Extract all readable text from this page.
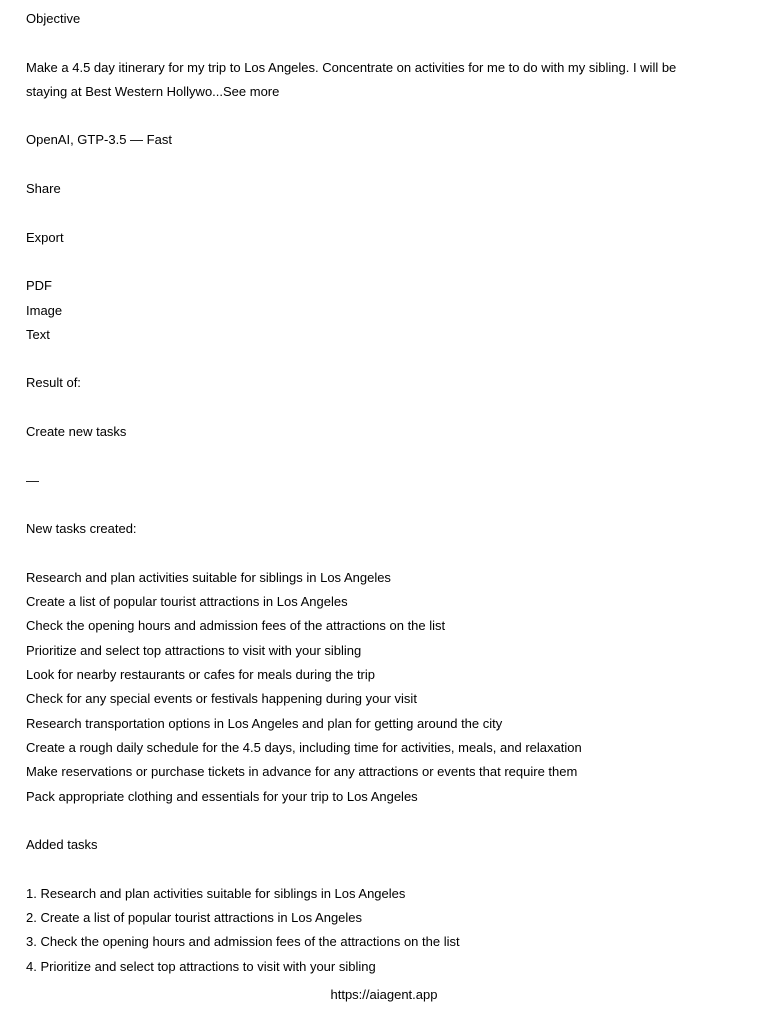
Objective
Make a 4.5 day itinerary for my trip to Los Angeles. Concentrate on activities for me to do with my sibling. I will be
staying at Best Western Hollywo...See more
OpenAI, GTP-3.5 — Fast
Share
Export
PDF
Image
Text
Result of:
Create new tasks
—
New tasks created:
Research and plan activities suitable for siblings in Los Angeles
Create a list of popular tourist attractions in Los Angeles
Check the opening hours and admission fees of the attractions on the list
Prioritize and select top attractions to visit with your sibling
Look for nearby restaurants or cafes for meals during the trip
Check for any special events or festivals happening during your visit
Research transportation options in Los Angeles and plan for getting around the city
Create a rough daily schedule for the 4.5 days, including time for activities, meals, and relaxation
Make reservations or purchase tickets in advance for any attractions or events that require them
Pack appropriate clothing and essentials for your trip to Los Angeles
Added tasks
1. Research and plan activities suitable for siblings in Los Angeles
2. Create a list of popular tourist attractions in Los Angeles
3. Check the opening hours and admission fees of the attractions on the list
4. Prioritize and select top attractions to visit with your sibling
https://aiagent.app
